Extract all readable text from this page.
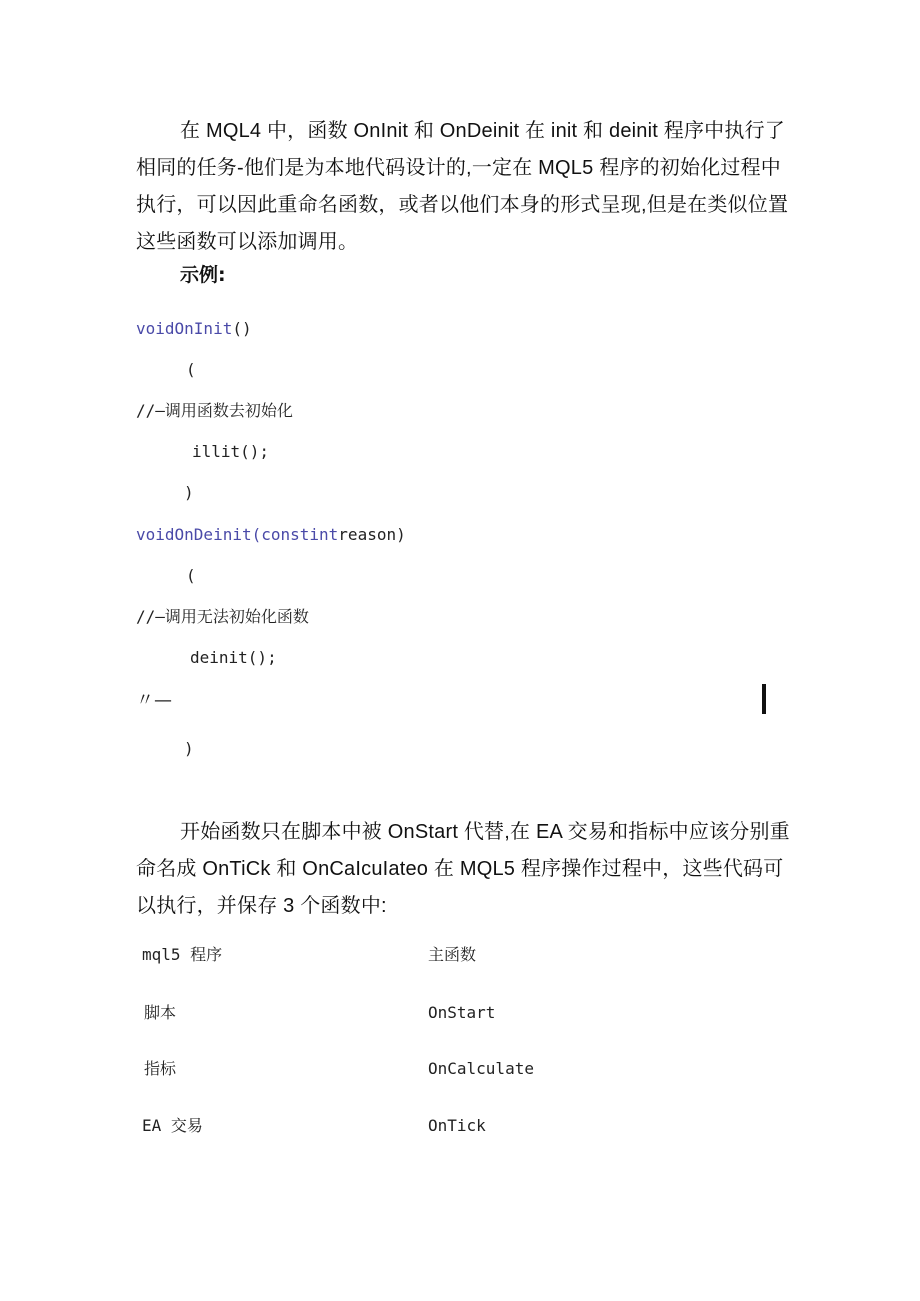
在 MQL4 中，函数 OnInit 和 OnDeinit 在 init 和 deinit 程序中执行了相同的任务-他们是为本地代码设计的,一定在 MQL5 程序的初始化过程中执行，可以因此重命名函数，或者以他们本身的形式呈现,但是在类似位置这些函数可以添加调用。

示例:

voidOnInit()
(
//—调用函数去初始化
illit();
)
voidOnDeinit(constintreason)
(
//—调用无法初始化函数
deinit();
〃—
)

开始函数只在脚本中被 OnStart 代替,在 EA 交易和指标中应该分别重命名成 OnTiCk 和 OnCaIcuIateo 在 MQL5 程序操作过程中，这些代码可以执行，并保存 3 个函数中:

mql5 程序	主函数
脚本	OnStart
指标	OnCalculate
EA 交易	OnTick
